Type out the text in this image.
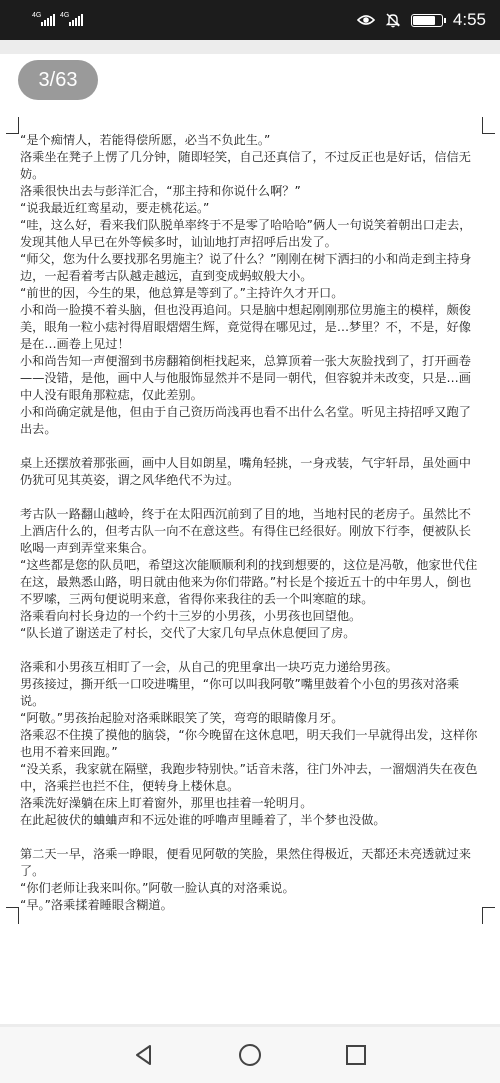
4G	4G	4:55
3/63

“是个痴情人，若能得偿所愿，必当不负此生。”

洛乘坐在凳子上愣了几分钟，随即轻笑，自己还真信了，不过反正也是好话，信信无妨。

洛乘很快出去与彭洋汇合，“那主持和你说什么啊？”

“说我最近红鸾星动，要走桃花运。”

“哇，这么好，看来我们队脱单率终于不是零了哈哈哈”俩人一句说笑着朝出口走去，发现其他人早已在外等候多时，讪讪地打声招呼后出发了。

“师父，您为什么要找那名男施主？说了什么？”刚刚在树下洒扫的小和尚走到主持身边，一起看着考古队越走越远，直到变成蚂蚁般大小。

“前世的因，今生的果，他总算是等到了。”主持许久才开口。

小和尚一脸摸不着头脑，但也没再追问。只是脑中想起刚刚那位男施主的模样，颇俊美，眼角一粒小痣衬得眉眼熠熠生辉，竟觉得在哪见过，是…梦里？不，不是，好像是在…画卷上见过！

小和尚告知一声便溜到书房翻箱倒柜找起来，总算顶着一张大灰脸找到了，打开画卷——没错，是他，画中人与他服饰显然并不是同一朝代，但容貌并未改变，只是…画中人没有眼角那粒痣，仅此差别。

小和尚确定就是他，但由于自己资历尚浅再也看不出什么名堂。听见主持招呼又跑了出去。

桌上还摆放着那张画，画中人目如朗星，嘴角轻挑，一身戎装，气宇轩昂，虽处画中仍犹可见其英姿，谓之风华绝代不为过。

考古队一路翻山越岭，终于在太阳西沉前到了目的地，当地村民的老房子。虽然比不上酒店什么的，但考古队一向不在意这些。有得住已经很好。刚放下行李，便被队长吆喝一声到弄堂来集合。

“这些都是您的队员吧，希望这次能顺顺利利的找到想要的，这位是冯敬，他家世代住在这，最熟悉山路，明日就由他来为你们带路。”村长是个接近五十的中年男人，倒也不罗嗦，三两句便说明来意，省得你来我往的丢一个叫寒暄的球。

洛乘看向村长身边的一个约十三岁的小男孩，小男孩也回望他。

“队长道了谢送走了村长，交代了大家几句早点休息便回了房。

洛乘和小男孩互相盯了一会，从自己的兜里拿出一块巧克力递给男孩。

男孩接过，撕开纸一口咬进嘴里，“你可以叫我阿敬”嘴里鼓着个小包的男孩对洛乘说。

“阿敬。”男孩抬起脸对洛乘眯眼笑了笑，弯弯的眼睛像月牙。

洛乘忍不住摸了摸他的脑袋，“你今晚留在这休息吧，明天我们一早就得出发，这样你也用不着来回跑。”

“没关系，我家就在隔壁，我跑步特别快。”话音未落，往门外冲去，一溜烟消失在夜色中，洛乘拦也拦不住，便转身上楼休息。

洛乘洗好澡躺在床上盯着窗外，那里也挂着一轮明月。

在此起彼伏的蛐蛐声和不远处谁的呼噜声里睡着了，半个梦也没做。

第二天一早，洛乘一睁眼，便看见阿敬的笑脸，果然住得极近，天都还未亮透就过来了。

“你们老师让我来叫你。”阿敬一脸认真的对洛乘说。

“早。”洛乘揉着睡眼含糊道。
